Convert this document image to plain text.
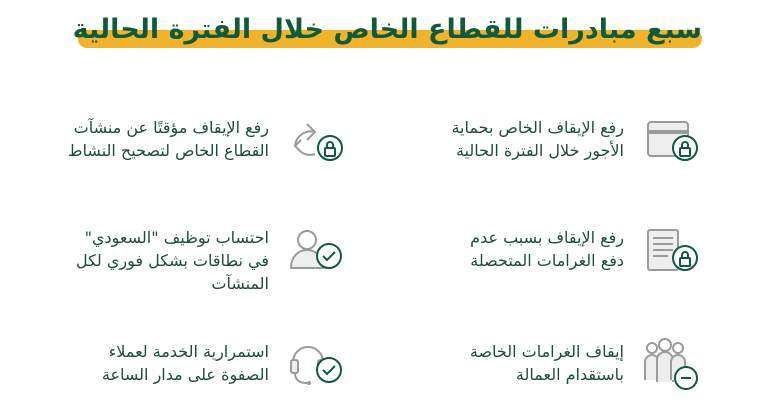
سبع مبادرات للقطاع الخاص خلال الفترة الحالية
رفع الإيقاف الخاص بحماية
الأجور خلال الفترة الحالية
رفع الإيقاف مؤقتًا عن منشآت
القطاع الخاص لتصحيح النشاط
رفع الإيقاف بسبب عدم
دفع الغرامات المتحصلة
احتساب توظيف "السعودي"
في نطاقات بشكل فوري لكل
المنشآت
إيقاف الغرامات الخاصة
باستقدام العمالة
استمرارية الخدمة لعملاء
الصفوة على مدار الساعة
